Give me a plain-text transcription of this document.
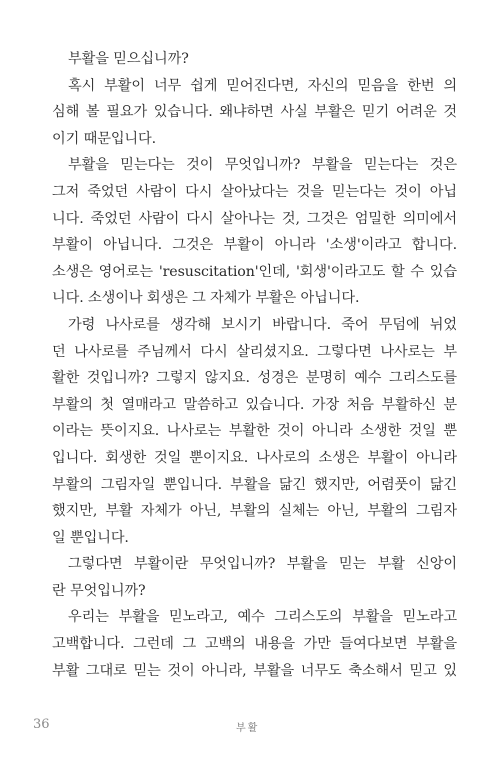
부활을 믿으십니까?
혹시 부활이 너무 쉽게 믿어진다면, 자신의 믿음을 한번 의
심해 볼 필요가 있습니다. 왜냐하면 사실 부활은 믿기 어려운 것
이기 때문입니다.
부활을 믿는다는 것이 무엇입니까? 부활을 믿는다는 것은
그저 죽었던 사람이 다시 살아났다는 것을 믿는다는 것이 아닙
니다. 죽었던 사람이 다시 살아나는 것, 그것은 엄밀한 의미에서
부활이 아닙니다. 그것은 부활이 아니라 '소생'이라고 합니다.
소생은 영어로는 'resuscitation'인데, '회생'이라고도 할 수 있습
니다. 소생이나 회생은 그 자체가 부활은 아닙니다.
가령 나사로를 생각해 보시기 바랍니다. 죽어 무덤에 뉘었
던 나사로를 주님께서 다시 살리셨지요. 그렇다면 나사로는 부
활한 것입니까? 그렇지 않지요. 성경은 분명히 예수 그리스도를
부활의 첫 열매라고 말씀하고 있습니다. 가장 처음 부활하신 분
이라는 뜻이지요. 나사로는 부활한 것이 아니라 소생한 것일 뿐
입니다. 회생한 것일 뿐이지요. 나사로의 소생은 부활이 아니라
부활의 그림자일 뿐입니다. 부활을 닮긴 했지만, 어렴풋이 닮긴
했지만, 부활 자체가 아닌, 부활의 실체는 아닌, 부활의 그림자
일 뿐입니다.
그렇다면 부활이란 무엇입니까? 부활을 믿는 부활 신앙이
란 무엇입니까?
우리는 부활을 믿노라고, 예수 그리스도의 부활을 믿노라고
고백합니다. 그런데 그 고백의 내용을 가만 들여다보면 부활을
부활 그대로 믿는 것이 아니라, 부활을 너무도 축소해서 믿고 있
36	부활
